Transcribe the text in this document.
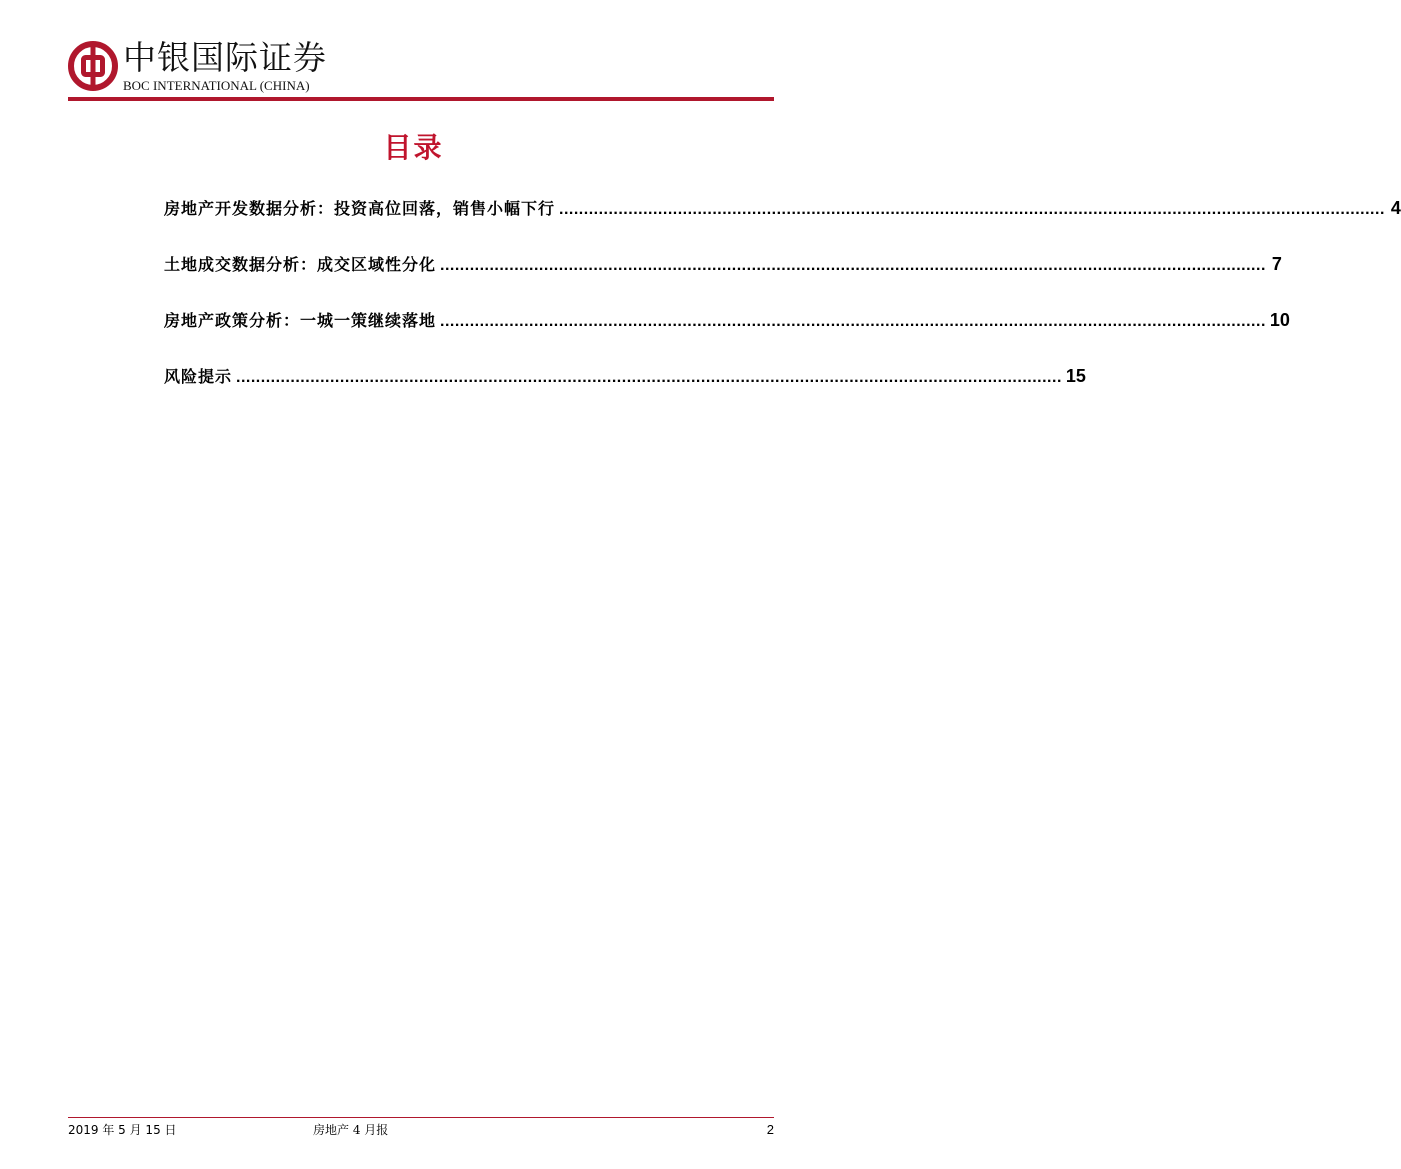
中银国际证券
BOC INTERNATIONAL (CHINA)
目录
房地产开发数据分析：投资高位回落，销售小幅下行 ....................................................................................................................................................................... 4
土地成交数据分析：成交区域性分化 ....................................................................................................................................................................... 7
房地产政策分析：一城一策继续落地 ....................................................................................................................................................................... 10
风险提示 ....................................................................................................................................................................... 15
2019 年 5 月 15 日	房地产 4 月报	2
